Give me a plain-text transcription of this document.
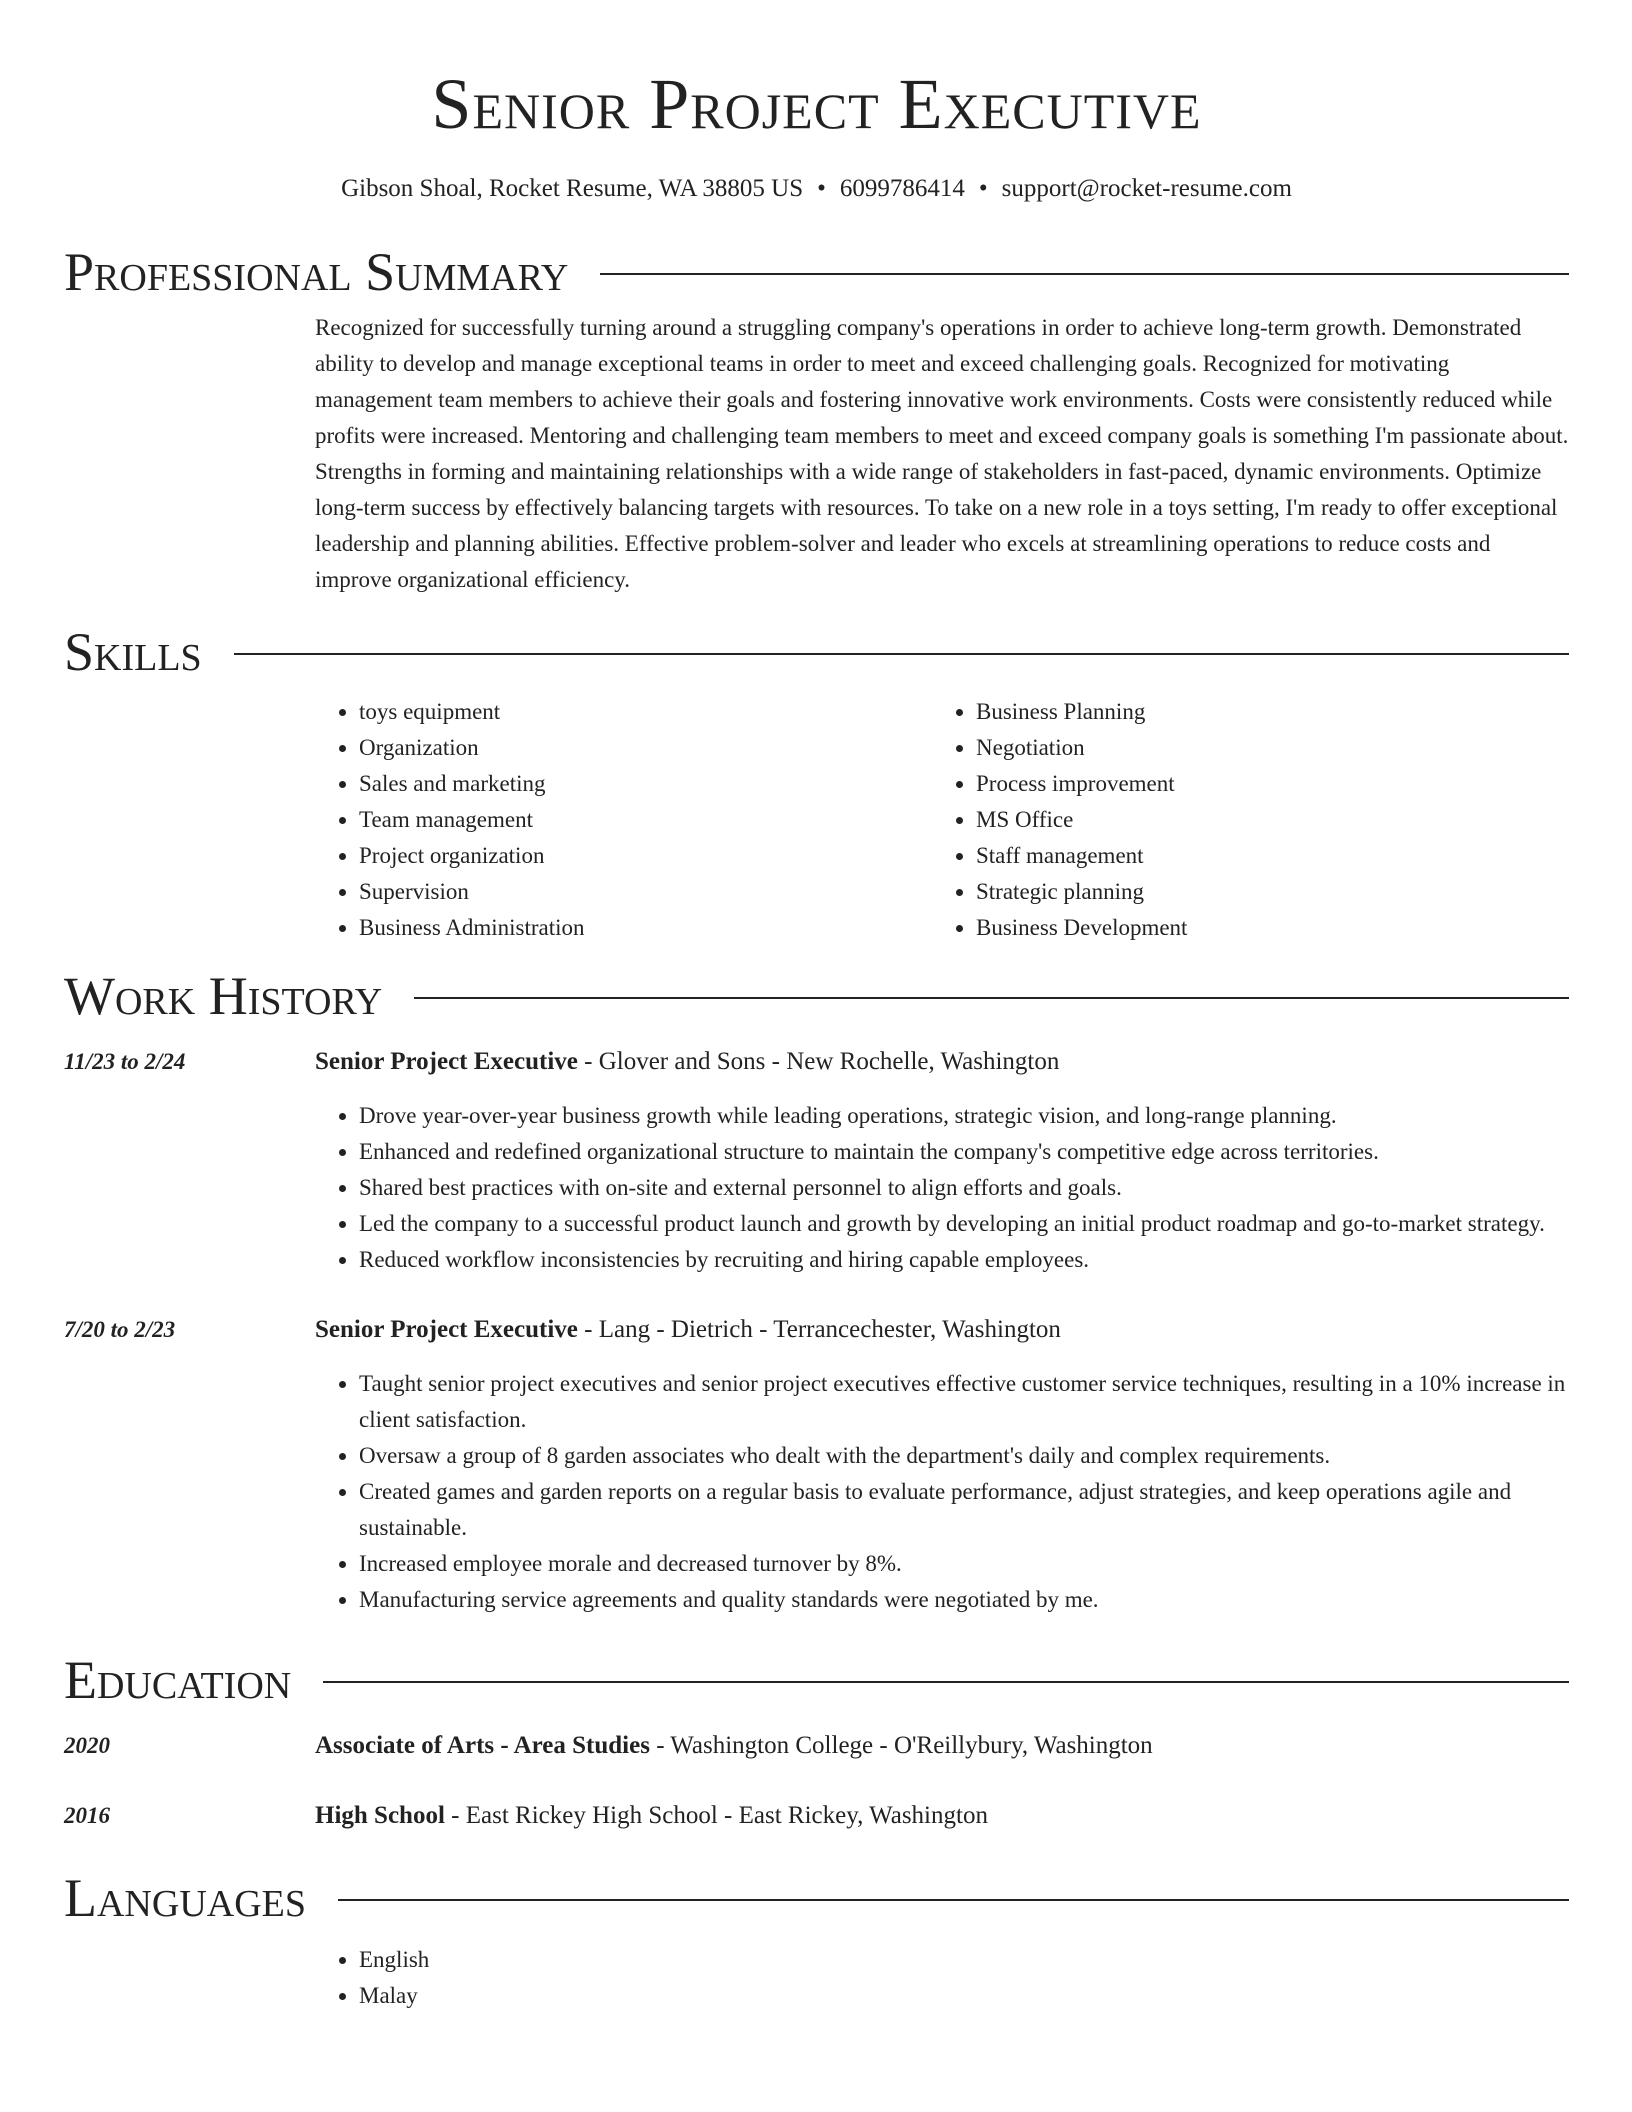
Senior Project Executive
Gibson Shoal, Rocket Resume, WA 38805 US • 6099786414 • support@rocket-resume.com
Professional Summary

Recognized for successfully turning around a struggling company's operations in order to achieve long-term growth. Demonstrated ability to develop and manage exceptional teams in order to meet and exceed challenging goals. Recognized for motivating management team members to achieve their goals and fostering innovative work environments. Costs were consistently reduced while profits were increased. Mentoring and challenging team members to meet and exceed company goals is something I'm passionate about. Strengths in forming and maintaining relationships with a wide range of stakeholders in fast-paced, dynamic environments. Optimize long-term success by effectively balancing targets with resources. To take on a new role in a toys setting, I'm ready to offer exceptional leadership and planning abilities. Effective problem-solver and leader who excels at streamlining operations to reduce costs and improve organizational efficiency.

Skills
• toys equipment
• Organization
• Sales and marketing
• Team management
• Project organization
• Supervision
• Business Administration
• Business Planning
• Negotiation
• Process improvement
• MS Office
• Staff management
• Strategic planning
• Business Development
Work History
11/23 to 2/24	Senior Project Executive - Glover and Sons - New Rochelle, Washington
• Drove year-over-year business growth while leading operations, strategic vision, and long-range planning.
• Enhanced and redefined organizational structure to maintain the company's competitive edge across territories.
• Shared best practices with on-site and external personnel to align efforts and goals.
• Led the company to a successful product launch and growth by developing an initial product roadmap and go-to-market strategy.
• Reduced workflow inconsistencies by recruiting and hiring capable employees.
7/20 to 2/23	Senior Project Executive - Lang - Dietrich - Terrancechester, Washington
• Taught senior project executives and senior project executives effective customer service techniques, resulting in a 10% increase in client satisfaction.
• Oversaw a group of 8 garden associates who dealt with the department's daily and complex requirements.
• Created games and garden reports on a regular basis to evaluate performance, adjust strategies, and keep operations agile and sustainable.
• Increased employee morale and decreased turnover by 8%.
• Manufacturing service agreements and quality standards were negotiated by me.
Education
2020	Associate of Arts - Area Studies - Washington College - O'Reillybury, Washington
2016	High School - East Rickey High School - East Rickey, Washington
Languages
• English
• Malay
